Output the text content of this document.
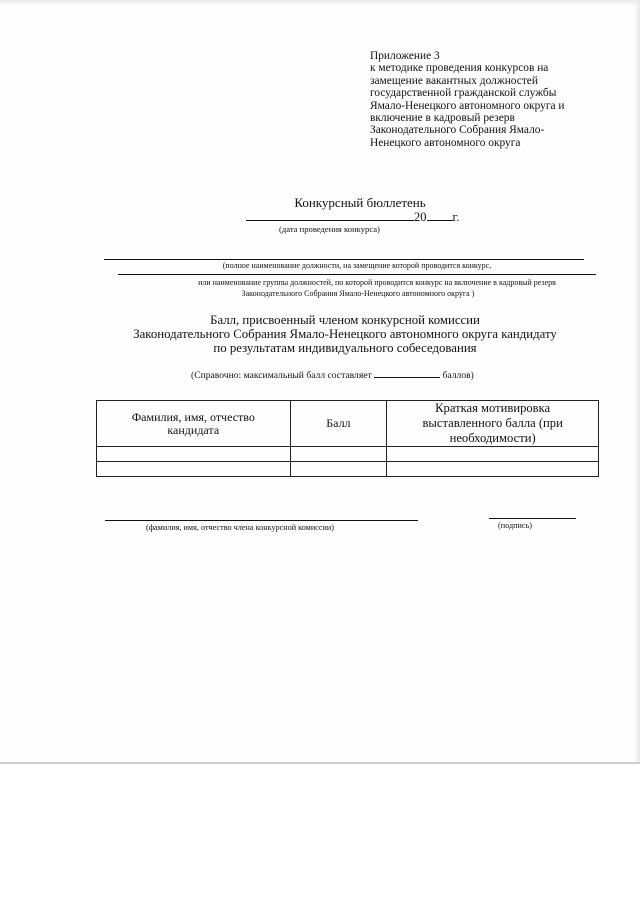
Приложение 3
к методике проведения конкурсов на
замещение вакантных должностей
государственной гражданской службы
Ямало-Ненецкого автономного округа и
включение в кадровый резерв
Законодательного Собрания Ямало-
Ненецкого автономного округа
Конкурсный бюллетень
20 г.
(дата проведения конкурса)
(полное наименование должности, на замещение которой проводится конкурс,
или наименование группы должностей, по которой проводится конкурс на включение в кадровый резерв
Законодательного Собрания Ямало-Ненецкого автономного округа )
Балл, присвоенный членом конкурсной комиссии
Законодательного Собрания Ямало-Ненецкого автономного округа кандидату
по результатам индивидуального собеседования
(Справочно: максимальный балл составляет	баллов)
Фамилия, имя, отчество кандидата	Балл	Краткая мотивировка выставленного балла (при необходимости)

(фамилия, имя, отчество члена конкурсной комиссии)	(подпись)
